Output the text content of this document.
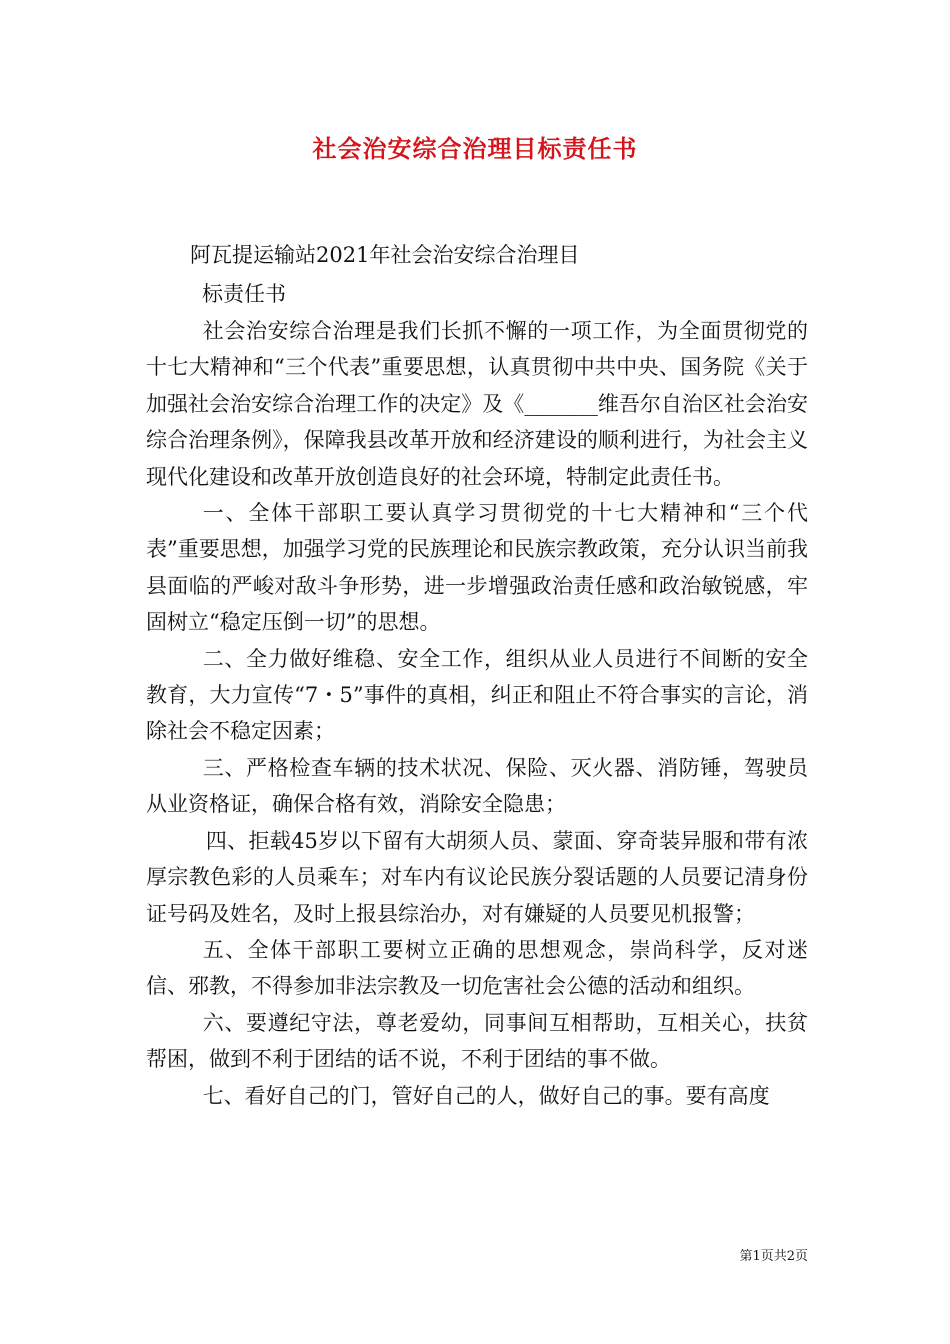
社会治安综合治理目标责任书
阿瓦提运输站2021年社会治安综合治理目
标责任书

社会治安综合治理是我们长抓不懈的一项工作，为全面贯彻党的十七大精神和“三个代表”重要思想，认真贯彻中共中央、国务院《关于加强社会治安综合治理工作的决定》及《_______维吾尔自治区社会治安综合治理条例》，保障我县改革开放和经济建设的顺利进行，为社会主义现代化建设和改革开放创造良好的社会环境，特制定此责任书。

一、全体干部职工要认真学习贯彻党的十七大精神和“三个代表”重要思想，加强学习党的民族理论和民族宗教政策，充分认识当前我县面临的严峻对敌斗争形势，进一步增强政治责任感和政治敏锐感，牢固树立“稳定压倒一切”的思想。

二、全力做好维稳、安全工作，组织从业人员进行不间断的安全教育，大力宣传“7・5”事件的真相，纠正和阻止不符合事实的言论，消除社会不稳定因素；

三、严格检查车辆的技术状况、保险、灭火器、消防锤，驾驶员从业资格证，确保合格有效，消除安全隐患；

四、拒载45岁以下留有大胡须人员、蒙面、穿奇装异服和带有浓厚宗教色彩的人员乘车；对车内有议论民族分裂话题的人员要记清身份证号码及姓名，及时上报县综治办，对有嫌疑的人员要见机报警；

五、全体干部职工要树立正确的思想观念，崇尚科学，反对迷信、邪教，不得参加非法宗教及一切危害社会公德的活动和组织。

六、要遵纪守法，尊老爱幼，同事间互相帮助，互相关心，扶贫帮困，做到不利于团结的话不说，不利于团结的事不做。

七、看好自己的门，管好自己的人，做好自己的事。要有高度

第1页共2页
